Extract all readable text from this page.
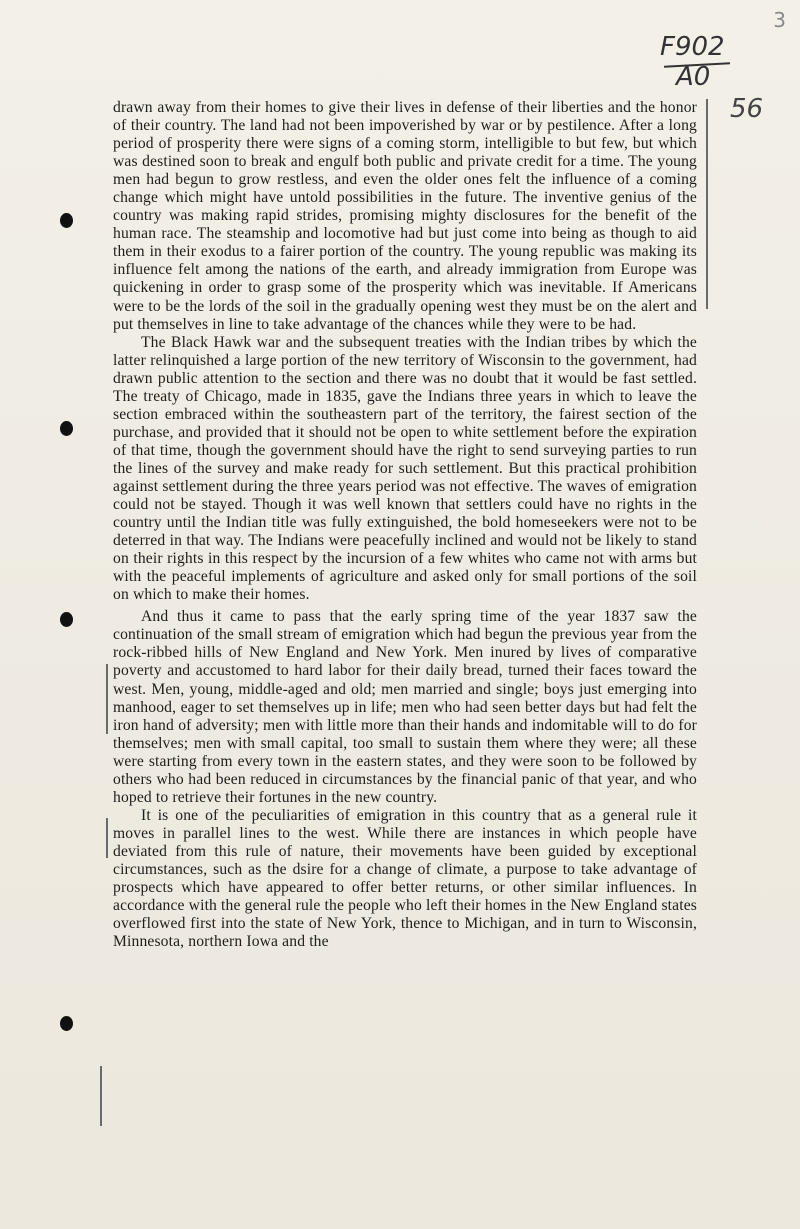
3
F902
A0
56

drawn away from their homes to give their lives in defense of their liberties and the honor of their country. The land had not been impoverished by war or by pestilence. After a long period of prosperity there were signs of a coming storm, intelligible to but few, but which was destined soon to break and engulf both public and private credit for a time. The young men had begun to grow restless, and even the older ones felt the influence of a coming change which might have untold possibilities in the future. The inventive genius of the country was making rapid strides, promising mighty disclosures for the benefit of the human race. The steamship and locomotive had but just come into being as though to aid them in their exodus to a fairer portion of the country. The young republic was making its influence felt among the nations of the earth, and already immigration from Europe was quickening in order to grasp some of the prosperity which was inevitable. If Americans were to be the lords of the soil in the gradually opening west they must be on the alert and put themselves in line to take advantage of the chances while they were to be had.

The Black Hawk war and the subsequent treaties with the Indian tribes by which the latter relinquished a large portion of the new territory of Wisconsin to the government, had drawn public attention to the section and there was no doubt that it would be fast settled. The treaty of Chicago, made in 1835, gave the Indians three years in which to leave the section embraced within the southeastern part of the territory, the fairest section of the purchase, and provided that it should not be open to white settlement before the expiration of that time, though the government should have the right to send surveying parties to run the lines of the survey and make ready for such settlement. But this practical prohibition against settlement during the three years period was not effective. The waves of emigration could not be stayed. Though it was well known that settlers could have no rights in the country until the Indian title was fully extinguished, the bold homeseekers were not to be deterred in that way. The Indians were peacefully inclined and would not be likely to stand on their rights in this respect by the incursion of a few whites who came not with arms but with the peaceful implements of agriculture and asked only for small portions of the soil on which to make their homes.

And thus it came to pass that the early spring time of the year 1837 saw the continuation of the small stream of emigration which had begun the previous year from the rock-ribbed hills of New England and New York. Men inured by lives of comparative poverty and accustomed to hard labor for their daily bread, turned their faces toward the west. Men, young, middle-aged and old; men married and single; boys just emerging into manhood, eager to set themselves up in life; men who had seen better days but had felt the iron hand of adversity; men with little more than their hands and indomitable will to do for themselves; men with small capital, too small to sustain them where they were; all these were starting from every town in the eastern states, and they were soon to be followed by others who had been reduced in circumstances by the financial panic of that year, and who hoped to retrieve their fortunes in the new country.

It is one of the peculiarities of emigration in this country that as a general rule it moves in parallel lines to the west. While there are instances in which people have deviated from this rule of nature, their movements have been guided by exceptional circumstances, such as the dsire for a change of climate, a purpose to take advantage of prospects which have appeared to offer better returns, or other similar influences. In accordance with the general rule the people who left their homes in the New England states overflowed first into the state of New York, thence to Michigan, and in turn to Wisconsin, Minnesota, northern Iowa and the
